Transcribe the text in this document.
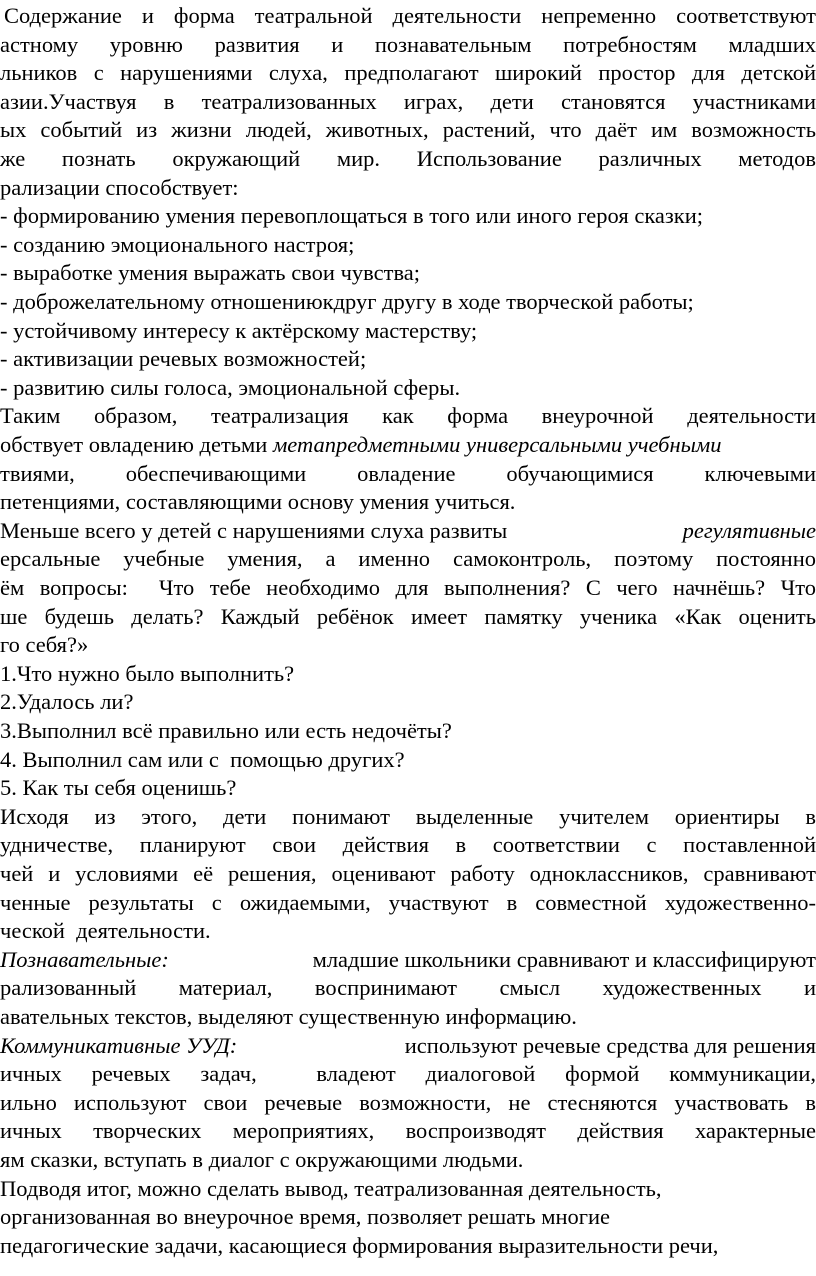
Содержание и форма театральной деятельности непременно соответствуют
астному уровню развития и познавательным потребностям младших
льников с нарушениями слуха, предполагают широкий простор для детской
азии.Участвуя в театрализованных играх, дети становятся участниками
ых событий из жизни людей, животных, растений, что даёт им возможность
же познать окружающий мир. Использование различных методов
рализации способствует:
- формированию умения перевоплощаться в того или иного героя сказки;
- созданию эмоционального настроя;
- выработке умения выражать свои чувства;
- доброжелательному отношениюкдруг другу в ходе творческой работы;
- устойчивому интересу к актёрскому мастерству;
- активизации речевых возможностей;
- развитию силы голоса, эмоциональной сферы.
Таким образом, театрализация как форма внеурочной деятельности
обствует овладению детьми метапредметными универсальными учебными
твиями, обеспечивающими овладение обучающимися ключевыми
петенциями, составляющими основу умения учиться.
Меньше всего у детей с нарушениями слуха развиты	регулятивные
ерсальные учебные умения, а именно самоконтроль, поэтому постоянно
ём вопросы:  Что тебе необходимо для выполнения? С чего начнёшь? Что
ше будешь делать? Каждый ребёнок имеет памятку ученика «Как оценить
го себя?»
1.Что нужно было выполнить?
2.Удалось ли?
3.Выполнил всё правильно или есть недочёты?
4. Выполнил сам или с  помощью других?
5. Как ты себя оценишь?
Исходя из этого, дети понимают выделенные учителем ориентиры в
удничестве, планируют свои действия в соответствии с поставленной
чей и условиями её решения, оценивают работу одноклассников, сравнивают
ченные результаты с ожидаемыми, участвуют в совместной художественно-
ческой  деятельности.
Познавательные:	младшие школьники сравнивают и классифицируют
рализованный материал, воспринимают смысл художественных и
авательных текстов, выделяют существенную информацию.
Коммуникативные УУД:	используют речевые средства для решения
ичных речевых задач,  владеют диалоговой формой коммуникации,
ильно используют свои речевые возможности, не стесняются участвовать в
ичных творческих мероприятиях, воспроизводят действия характерные
ям сказки, вступать в диалог с окружающими людьми.
Подводя итог, можно сделать вывод, театрализованная деятельность,
организованная во внеурочное время, позволяет решать многие
педагогические задачи, касающиеся формирования выразительности речи,
